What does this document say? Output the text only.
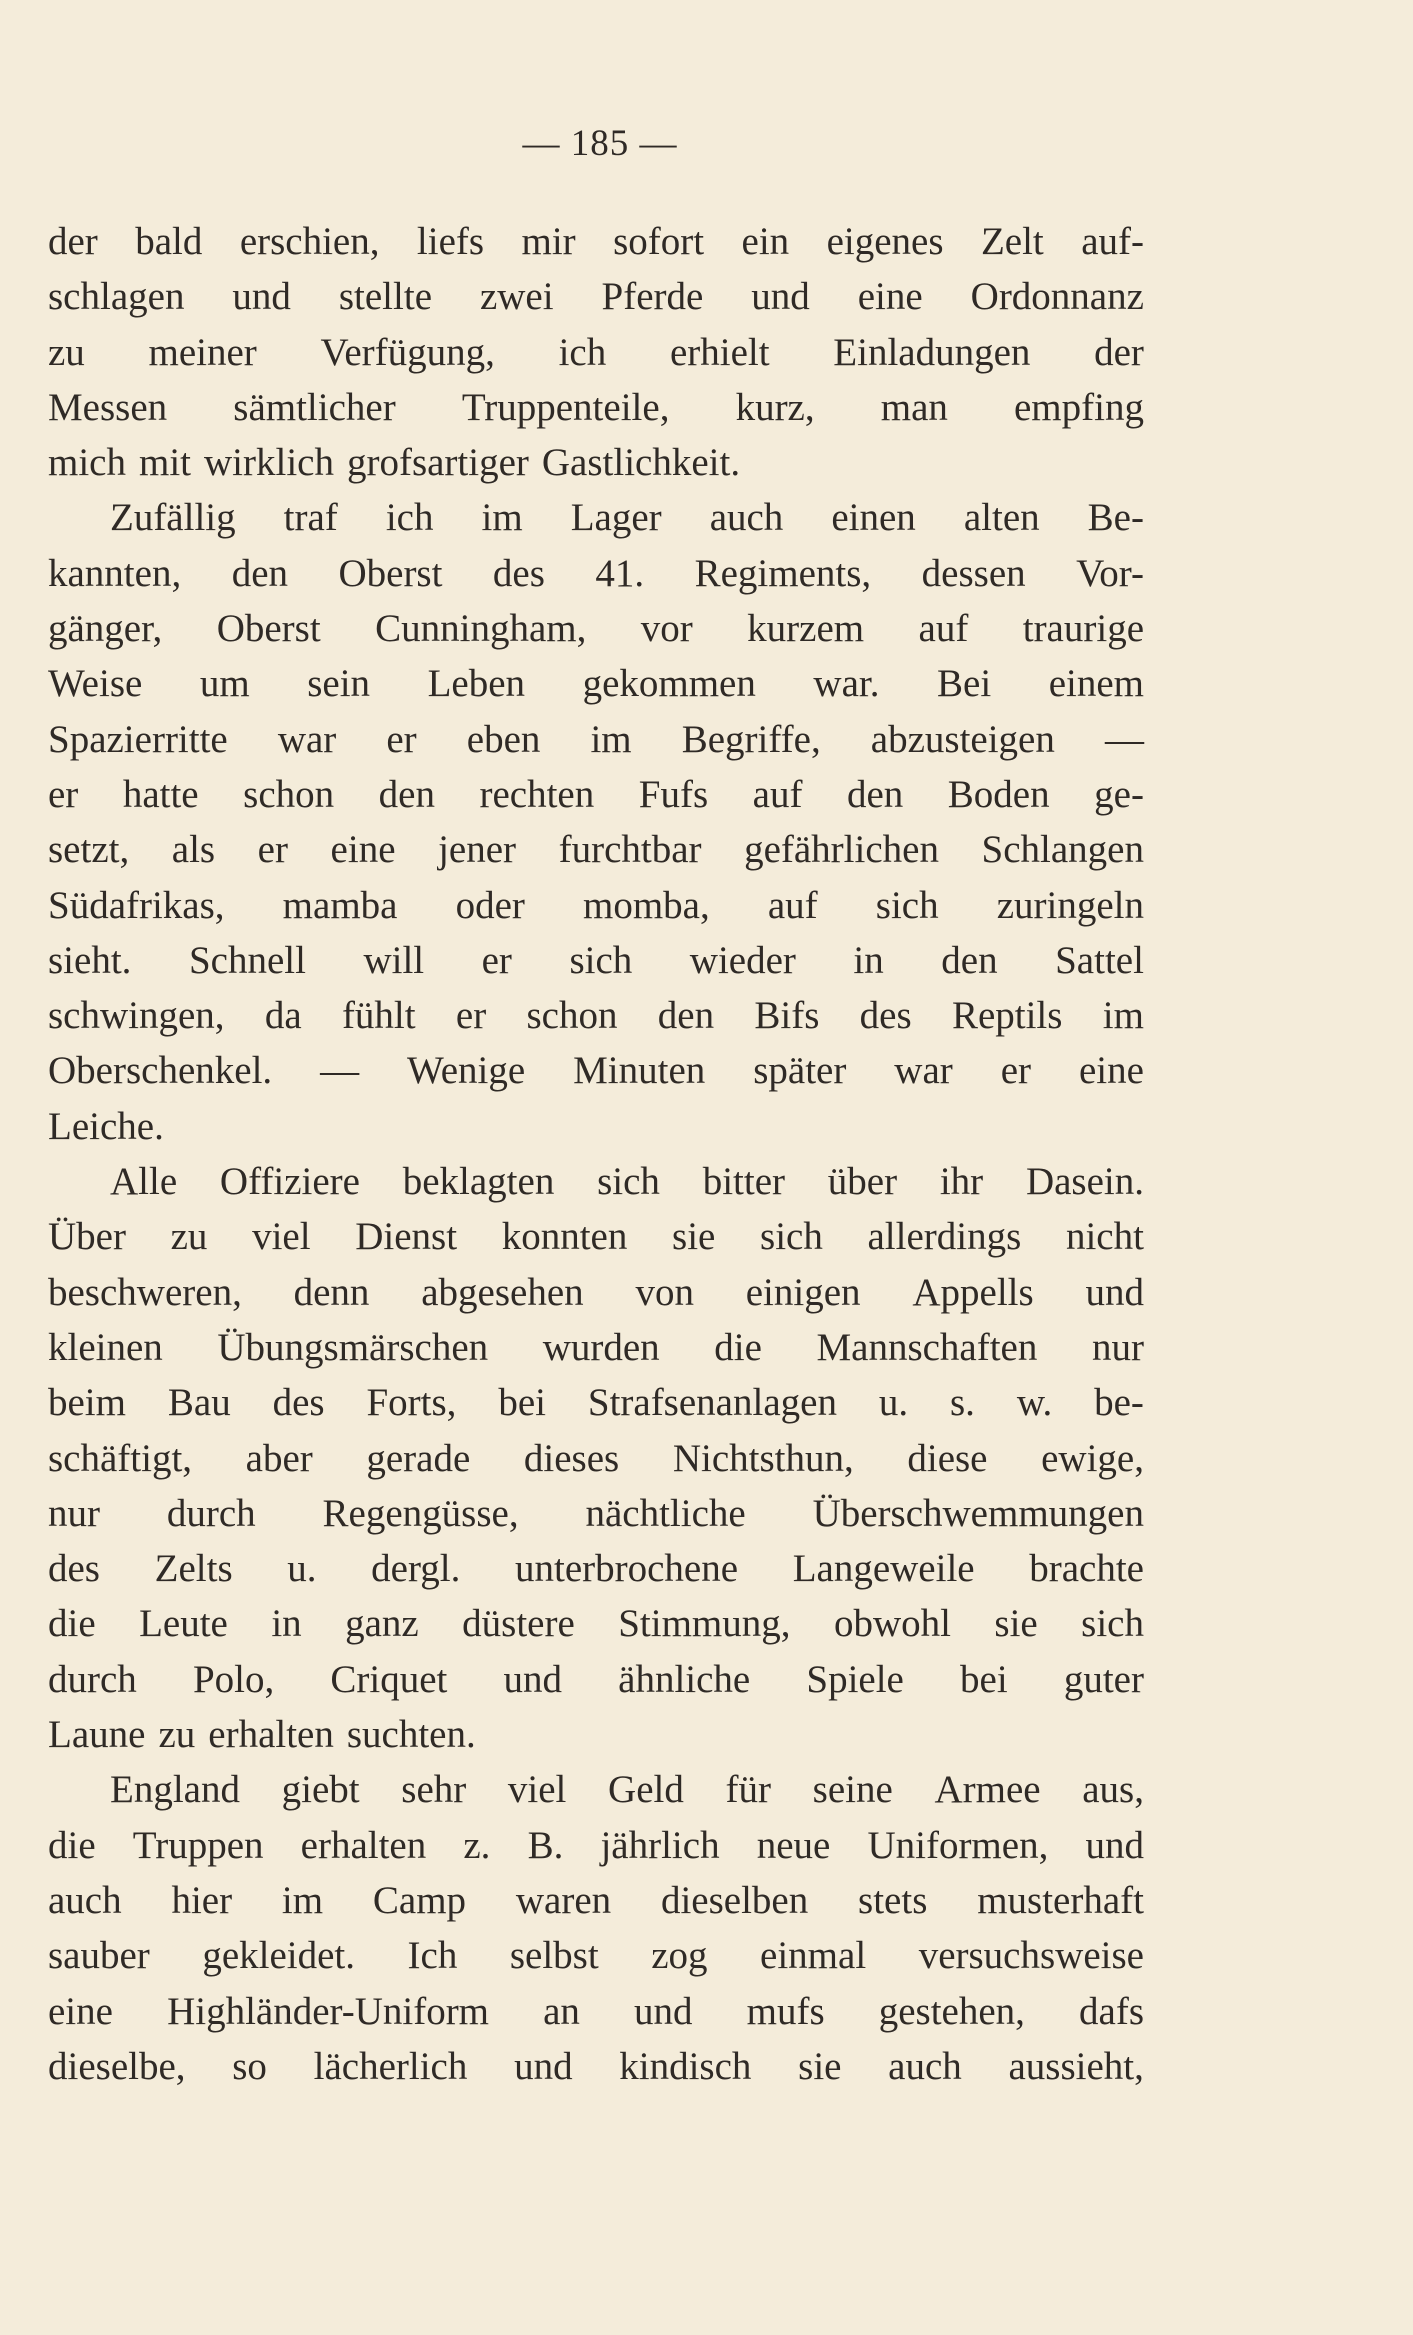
— 185 —
der bald erschien, liefs mir sofort ein eigenes Zelt auf-
schlagen und stellte zwei Pferde und eine Ordonnanz
zu meiner Verfügung, ich erhielt Einladungen der
Messen sämtlicher Truppenteile, kurz, man empfing
mich mit wirklich grofsartiger Gastlichkeit.
Zufällig traf ich im Lager auch einen alten Be-
kannten, den Oberst des 41. Regiments, dessen Vor-
gänger, Oberst Cunningham, vor kurzem auf traurige
Weise um sein Leben gekommen war. Bei einem
Spazierritte war er eben im Begriffe, abzusteigen —
er hatte schon den rechten Fufs auf den Boden ge-
setzt, als er eine jener furchtbar gefährlichen Schlangen
Südafrikas, mamba oder momba, auf sich zuringeln
sieht. Schnell will er sich wieder in den Sattel
schwingen, da fühlt er schon den Bifs des Reptils im
Oberschenkel. — Wenige Minuten später war er eine
Leiche.
Alle Offiziere beklagten sich bitter über ihr Dasein.
Über zu viel Dienst konnten sie sich allerdings nicht
beschweren, denn abgesehen von einigen Appells und
kleinen Übungsmärschen wurden die Mannschaften nur
beim Bau des Forts, bei Strafsenanlagen u. s. w. be-
schäftigt, aber gerade dieses Nichtsthun, diese ewige,
nur durch Regengüsse, nächtliche Überschwemmungen
des Zelts u. dergl. unterbrochene Langeweile brachte
die Leute in ganz düstere Stimmung, obwohl sie sich
durch Polo, Criquet und ähnliche Spiele bei guter
Laune zu erhalten suchten.
England giebt sehr viel Geld für seine Armee aus,
die Truppen erhalten z. B. jährlich neue Uniformen, und
auch hier im Camp waren dieselben stets musterhaft
sauber gekleidet. Ich selbst zog einmal versuchsweise
eine Highländer-Uniform an und mufs gestehen, dafs
dieselbe, so lächerlich und kindisch sie auch aussieht,
